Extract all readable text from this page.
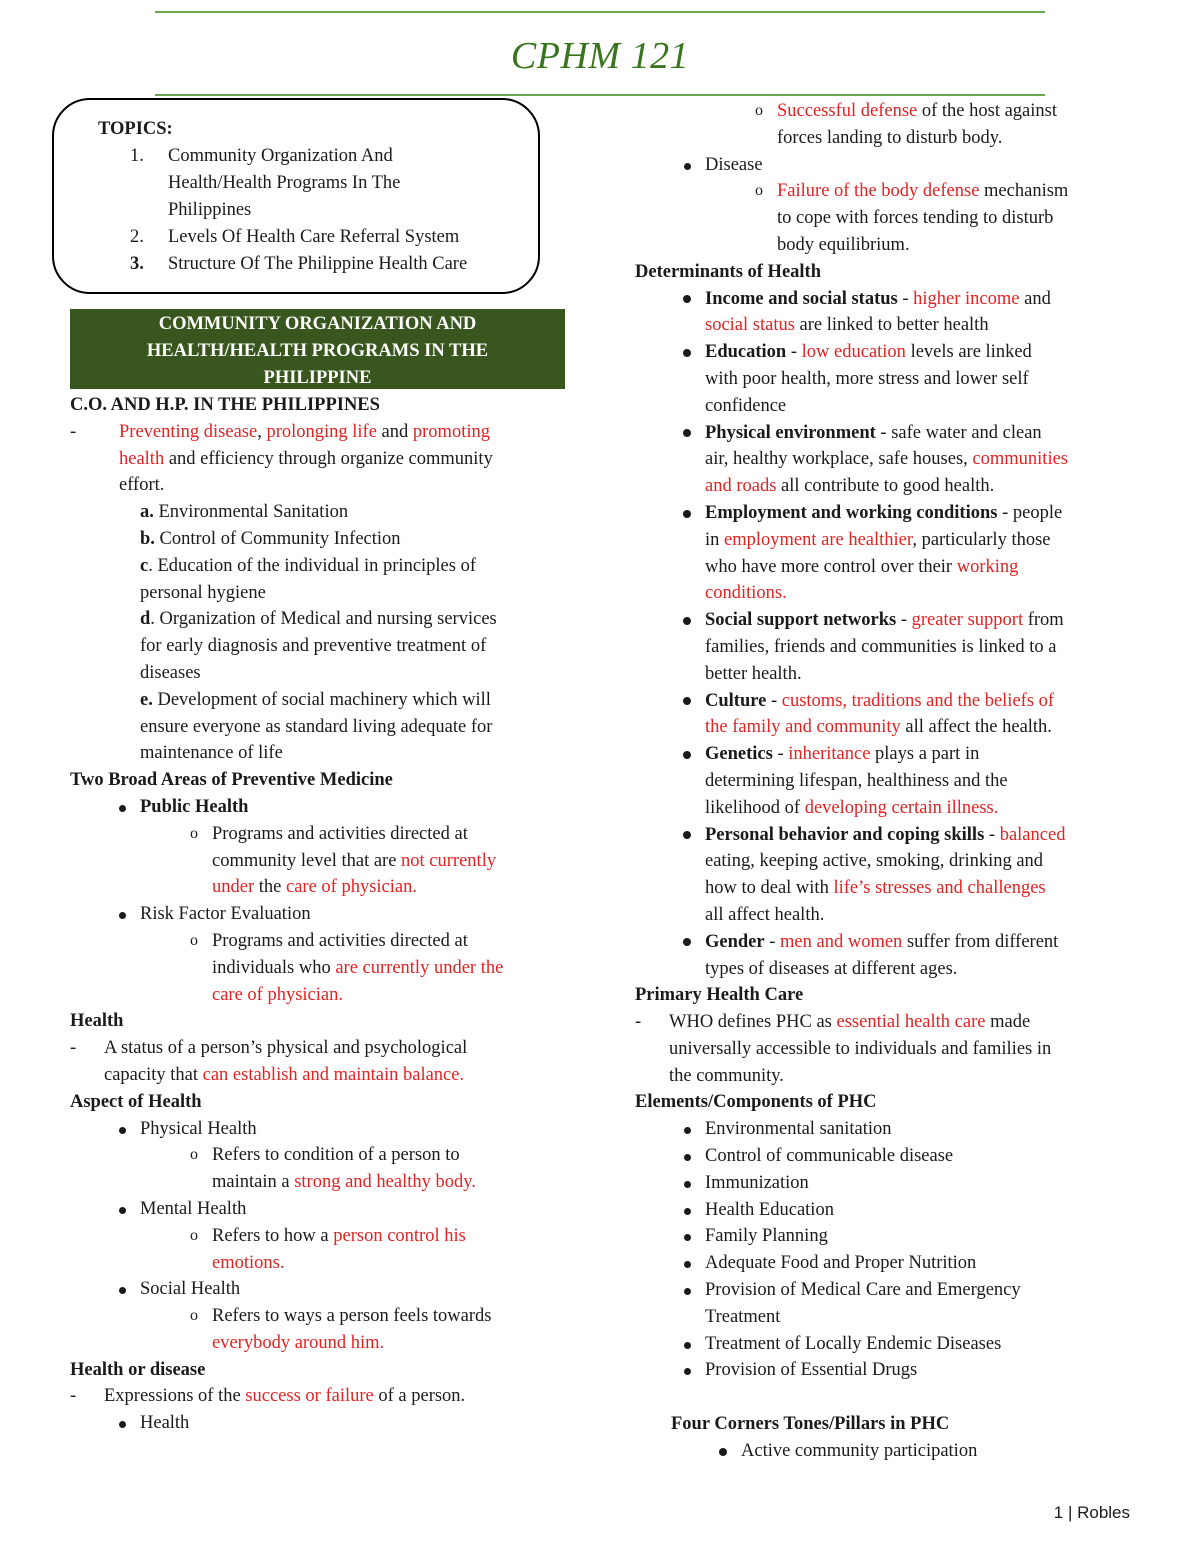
CPHM 121
TOPICS:
1.	Community Organization And
Health/Health Programs In The
Philippines
2.	Levels Of Health Care Referral System
3.	Structure Of The Philippine Health Care
COMMUNITY ORGANIZATION AND
HEALTH/HEALTH PROGRAMS IN THE
PHILIPPINE
C.O. AND H.P. IN THE PHILIPPINES
-	Preventing disease, prolonging life and promoting
health and efficiency through organize community
effort.
a. Environmental Sanitation
b. Control of Community Infection
c. Education of the individual in principles of
personal hygiene
d. Organization of Medical and nursing services
for early diagnosis and preventive treatment of
diseases
e. Development of social machinery which will
ensure everyone as standard living adequate for
maintenance of life
Two Broad Areas of Preventive Medicine
Public Health
o Programs and activities directed at
community level that are not currently
under the care of physician.
Risk Factor Evaluation
o Programs and activities directed at
individuals who are currently under the
care of physician.
Health
-	A status of a person’s physical and psychological
capacity that can establish and maintain balance.
Aspect of Health
Physical Health
o Refers to condition of a person to
maintain a strong and healthy body.
Mental Health
o Refers to how a person control his
emotions.
Social Health
o Refers to ways a person feels towards
everybody around him.
Health or disease
-	Expressions of the success or failure of a person.
Health
o Successful defense of the host against
forces landing to disturb body.
Disease
o Failure of the body defense mechanism
to cope with forces tending to disturb
body equilibrium.
Determinants of Health
Income and social status - higher income and
social status are linked to better health
Education - low education levels are linked
with poor health, more stress and lower self
confidence
Physical environment - safe water and clean
air, healthy workplace, safe houses, communities
and roads all contribute to good health.
Employment and working conditions - people
in employment are healthier, particularly those
who have more control over their working
conditions.
Social support networks - greater support from
families, friends and communities is linked to a
better health.
Culture - customs, traditions and the beliefs of
the family and community all affect the health.
Genetics - inheritance plays a part in
determining lifespan, healthiness and the
likelihood of developing certain illness.
Personal behavior and coping skills - balanced
eating, keeping active, smoking, drinking and
how to deal with life’s stresses and challenges
all affect health.
Gender - men and women suffer from different
types of diseases at different ages.
Primary Health Care
-	WHO defines PHC as essential health care made
universally accessible to individuals and families in
the community.
Elements/Components of PHC
Environmental sanitation
Control of communicable disease
Immunization
Health Education
Family Planning
Adequate Food and Proper Nutrition
Provision of Medical Care and Emergency
Treatment
Treatment of Locally Endemic Diseases
Provision of Essential Drugs
Four Corners Tones/Pillars in PHC
Active community participation
1 | Robles
